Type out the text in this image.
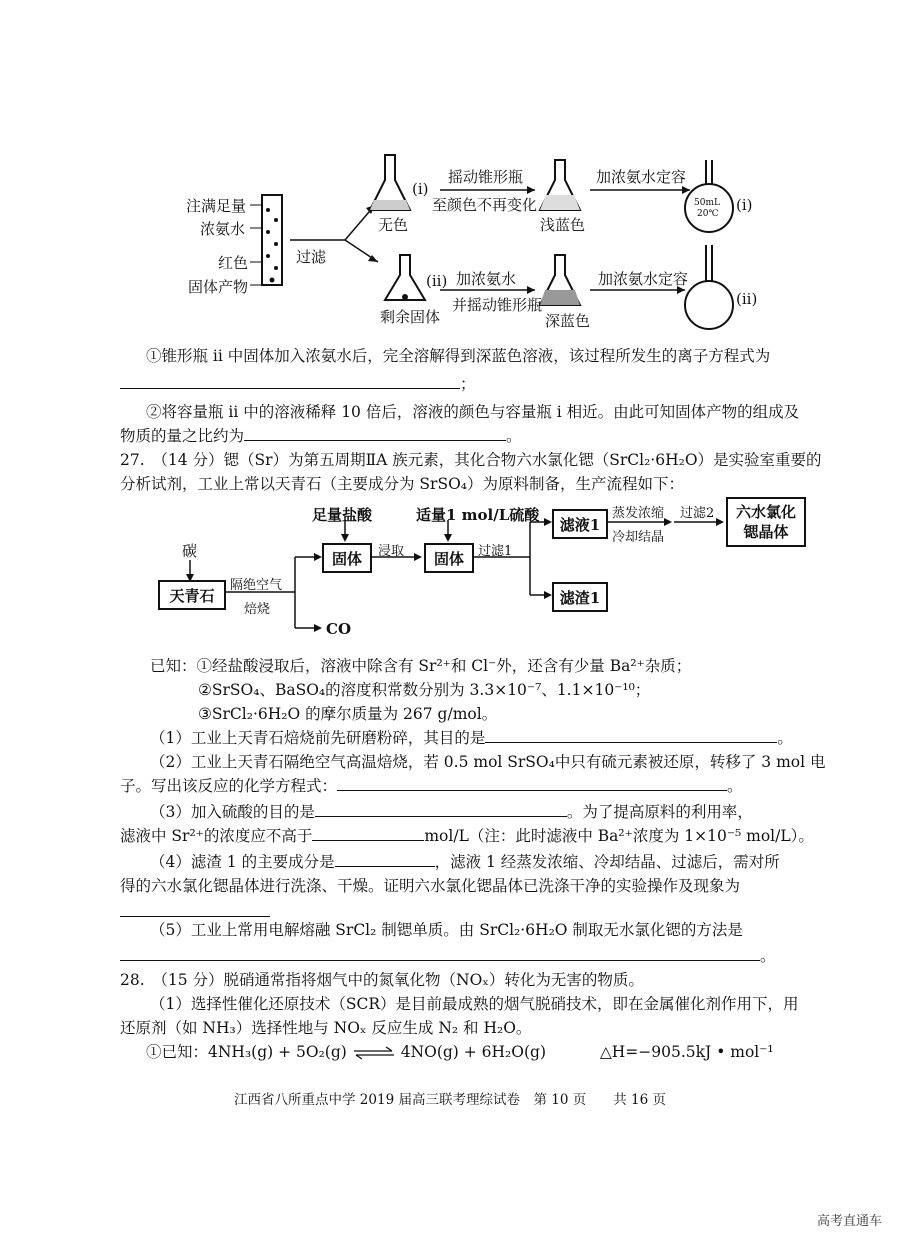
注满足量
浓氨水
红色
固体产物
过滤
(i)
(ii)
无色
剩余固体
摇动锥形瓶
至颜色不再变化
加浓氨水
并摇动锥形瓶
浅蓝色
深蓝色
加浓氨水定容
加浓氨水定容
(i)
(ii)
50mL
20℃
①锥形瓶 ii 中固体加入浓氨水后，完全溶解得到深蓝色溶液，该过程所发生的离子方程式为
；
②将容量瓶 ii 中的溶液稀释 10 倍后，溶液的颜色与容量瓶 i 相近。由此可知固体产物的组成及
物质的量之比约为	。
27.　（14 分）锶（Sr）为第五周期ⅡA 族元素，其化合物六水氯化锶（SrCl₂·6H₂O）是实验室重要的
分析试剂，工业上常以天青石（主要成分为 SrSO₄）为原料制备，生产流程如下：
碳
天青石
隔绝空气
焙烧
CO
足量盐酸
固体 浸取
适量1 mol/L硫酸
固体 过滤1
滤液1
滤渣1
蒸发浓缩
冷却结晶
过滤2 六水氯化
锶晶体
已知：①经盐酸浸取后，溶液中除含有 Sr²⁺和 Cl⁻外，还含有少量 Ba²⁺杂质；
②SrSO₄、BaSO₄的溶度积常数分别为 3.3×10⁻⁷、1.1×10⁻¹⁰；
③SrCl₂·6H₂O 的摩尔质量为 267 g/mol。
（1）工业上天青石焙烧前先研磨粉碎，其目的是	。
（2）工业上天青石隔绝空气高温焙烧，若 0.5 mol SrSO₄中只有硫元素被还原，转移了 3 mol 电
子。写出该反应的化学方程式：	。
（3）加入硫酸的目的是	。为了提高原料的利用率，
滤液中 Sr²⁺的浓度应不高于	mol/L（注：此时滤液中 Ba²⁺浓度为 1×10⁻⁵ mol/L）。
（4）滤渣 1 的主要成分是	，滤液 1 经蒸发浓缩、冷却结晶、过滤后，需对所
得的六水氯化锶晶体进行洗涤、干燥。证明六水氯化锶晶体已洗涤干净的实验操作及现象为
（5）工业上常用电解熔融 SrCl₂ 制锶单质。由 SrCl₂·6H₂O 制取无水氯化锶的方法是
。
28.　（15 分）脱硝通常指将烟气中的氮氧化物（NOₓ）转化为无害的物质。
（1）选择性催化还原技术（SCR）是目前最成熟的烟气脱硝技术，即在金属催化剂作用下，用
还原剂（如 NH₃）选择性地与 NOₓ 反应生成 N₂ 和 H₂O。
①已知：4NH₃(g) + 5O₂(g) ⇌ 4NO(g) + 6H₂O(g)	△H=−905.5kJ • mol⁻¹
江西省八所重点中学 2019 届高三联考理综试卷　第 10 页　　共 16 页
高考直通车
